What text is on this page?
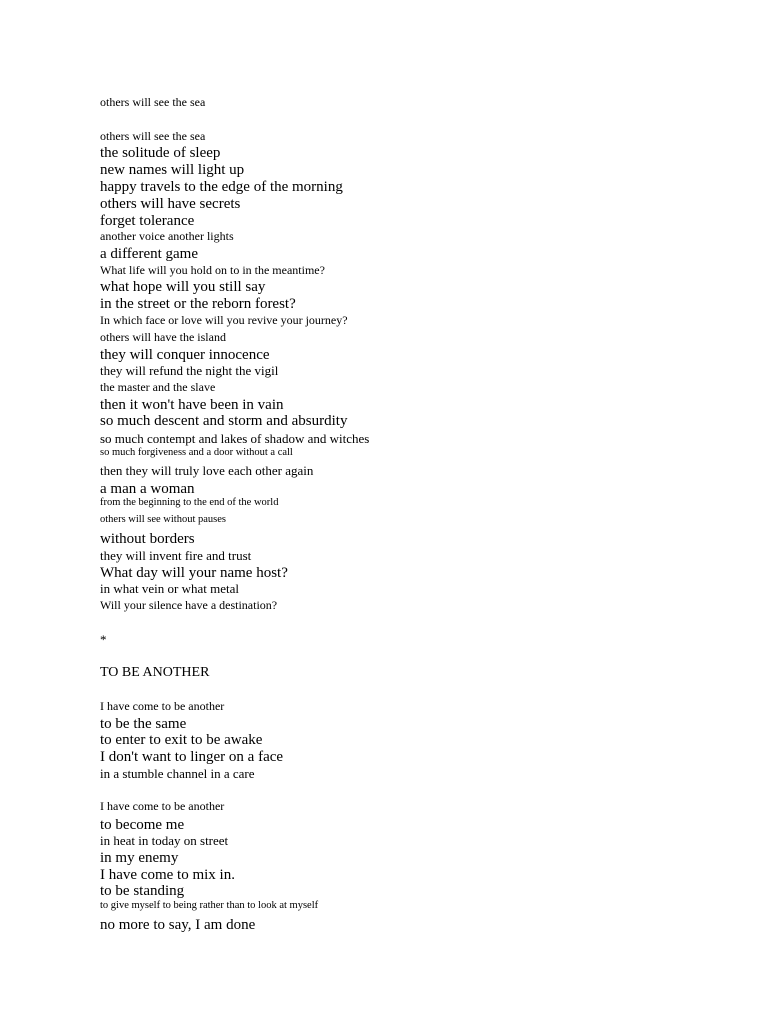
others will see the sea
others will see the sea
the solitude of sleep
new names will light up
happy travels to the edge of the morning
others will have secrets
forget tolerance
another voice another lights
a different game
What life will you hold on to in the meantime?
what hope will you still say
in the street or the reborn forest?
In which face or love will you revive your journey?
others will have the island
they will conquer innocence
they will refund the night the vigil
the master and the slave
then it won't have been in vain
so much descent and storm and absurdity
so much contempt and lakes of shadow and witches
so much forgiveness and a door without a call
then they will truly love each other again
a man a woman
from the beginning to the end of the world
others will see without pauses
without borders
they will invent fire and trust
What day will your name host?
in what vein or what metal
Will your silence have a destination?
*
TO BE ANOTHER
I have come to be another
to be the same
to enter to exit to be awake
I don't want to linger on a face
in a stumble channel in a care
I have come to be another
to become me
in heat in today on street
in my enemy
I have come to mix in.
to be standing
to give myself to being rather than to look at myself
no more to say, I am done
